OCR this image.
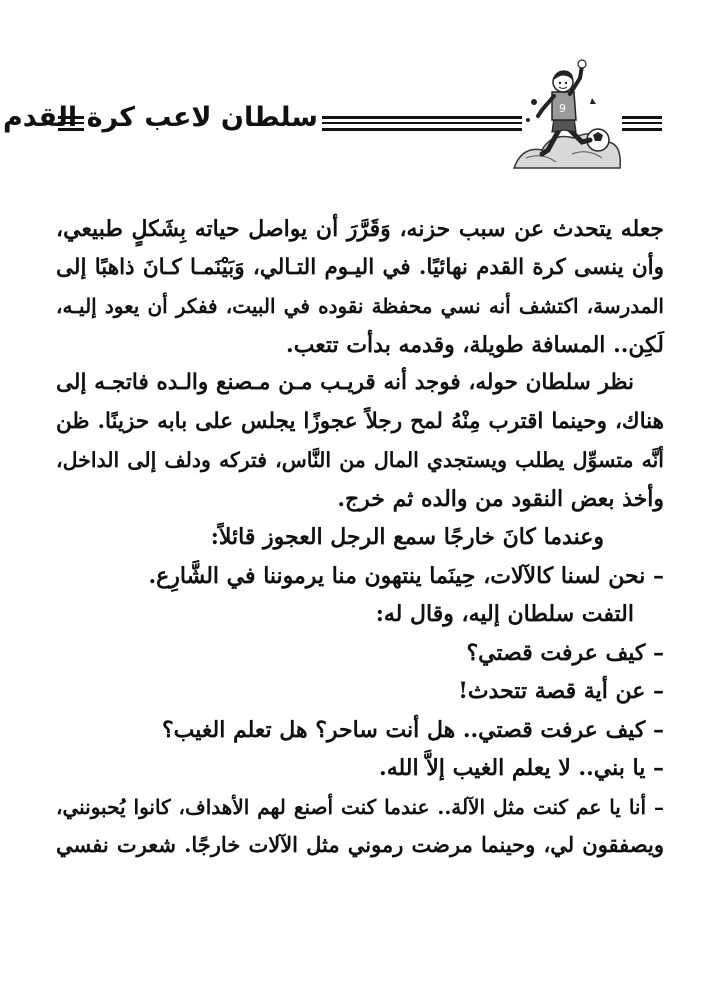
سلطان لاعب كرة القدم	9

جعله يتحدث عن سبب حزنه، وَقَرَّرَ أن يواصل حياته بِشَكلٍ طبيعي،

وأن ينسى كرة القدم نهائيًا. في اليـوم التـالي، وَبَيْنَمـا كـانَ ذاهبًا إلى

المدرسة، اكتشف أنه نسي محفظة نقوده في البيت، ففكر أن يعود إليـه،

لَكِن.. المسافة طويلة، وقدمه بدأت تتعب.

نظر سلطان حوله، فوجد أنه قريـب مـن مـصنع والـده فاتجـه إلى

هناك، وحينما اقترب مِنْهُ لمح رجلاً عجوزًا يجلس على بابه حزينًا. ظن

أنَّه متسوِّل يطلب ويستجدي المال من النَّاس، فتركه ودلف إلى الداخل،

وأخذ بعض النقود من والده ثم خرج.

وعندما كانَ خارجًا سمع الرجل العجوز قائلاً:

– نحن لسنا كالآلات، حِينَما ينتهون منا يرموننا في الشَّارِع.

التفت سلطان إليه، وقال له:

– كيف عرفت قصتي؟

– عن أية قصة تتحدث!

– كيف عرفت قصتي.. هل أنت ساحر؟ هل تعلم الغيب؟

– يا بني.. لا يعلم الغيب إلاَّ الله.

– أنا يا عم كنت مثل الآلة.. عندما كنت أصنع لهم الأهداف، كانوا يُحبونني،

ويصفقون لي، وحينما مرضت رموني مثل الآلات خارجًا. شعرت نفسي
